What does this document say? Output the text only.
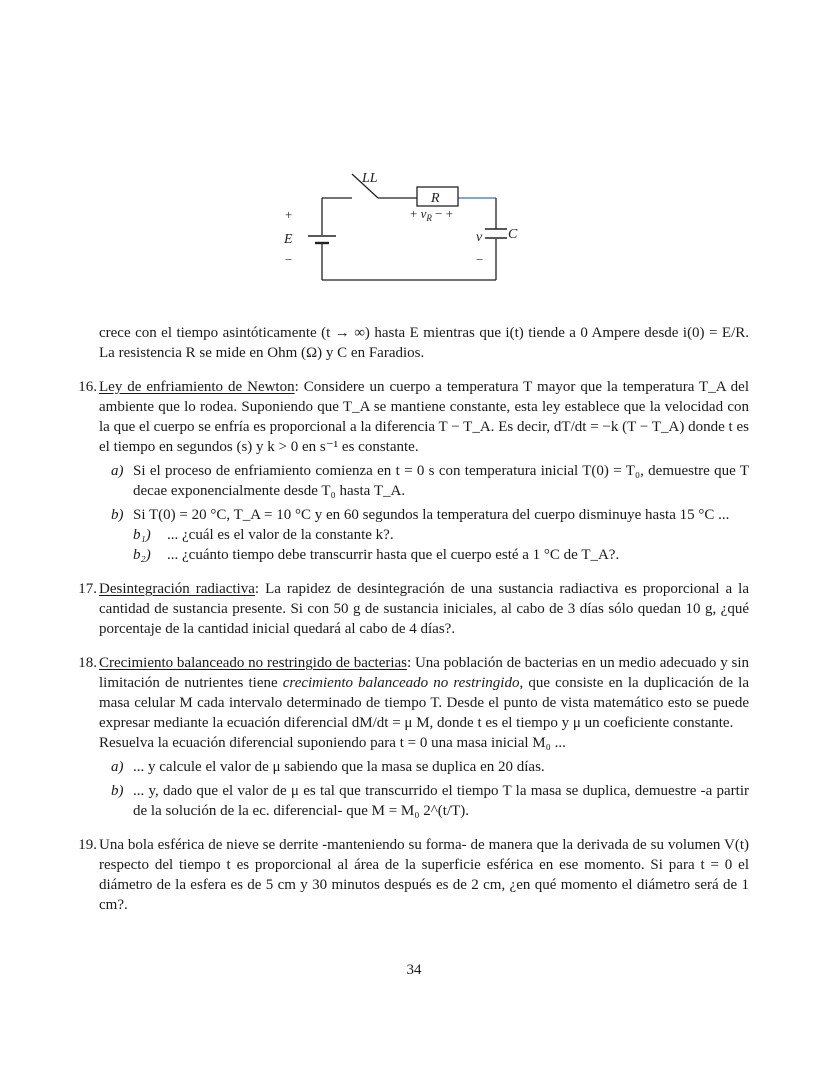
LL
R
+
E
−
+ $v_R$ − +
v C
−

crece con el tiempo asintóticamente (t → ∞) hasta E mientras que i(t) tiende a 0 Ampere desde i(0) = E/R. La resistencia R se mide en Ohm (Ω) y C en Faradios.

16. Ley de enfriamiento de Newton: Considere un cuerpo a temperatura T mayor que la temperatura T_A del ambiente que lo rodea. Suponiendo que T_A se mantiene constante, esta ley establece que la velocidad con la que el cuerpo se enfría es proporcional a la diferencia T − T_A. Es decir, dT/dt = −k (T − T_A) donde t es el tiempo en segundos (s) y k > 0 en s⁻¹ es constante.

a) Si el proceso de enfriamiento comienza en t = 0 s con temperatura inicial T(0) = T₀, demuestre que T decae exponencialmente desde T₀ hasta T_A.
b) Si T(0) = 20 °C, T_A = 10 °C y en 60 segundos la temperatura del cuerpo disminuye hasta 15 °C ...
b₁) ... ¿cuál es el valor de la constante k?.
b₂) ... ¿cuánto tiempo debe transcurrir hasta que el cuerpo esté a 1 °C de T_A?.
17. Desintegración radiactiva: La rapidez de desintegración de una sustancia radiactiva es proporcional a la cantidad de sustancia presente. Si con 50 g de sustancia iniciales, al cabo de 3 días sólo quedan 10 g, ¿qué porcentaje de la cantidad inicial quedará al cabo de 4 días?.

18. Crecimiento balanceado no restringido de bacterias: Una población de bacterias en un medio adecuado y sin limitación de nutrientes tiene crecimiento balanceado no restringido, que consiste en la duplicación de la masa celular M cada intervalo determinado de tiempo T. Desde el punto de vista matemático esto se puede expresar mediante la ecuación diferencial dM/dt = μ M, donde t es el tiempo y μ un coeficiente constante.

Resuelva la ecuación diferencial suponiendo para t = 0 una masa inicial M₀ ...

a) ... y calcule el valor de μ sabiendo que la masa se duplica en 20 días.
b) ... y, dado que el valor de μ es tal que transcurrido el tiempo T la masa se duplica, demuestre -a partir de la solución de la ec. diferencial- que M = M₀ 2^(t/T).
19. Una bola esférica de nieve se derrite -manteniendo su forma- de manera que la derivada de su volumen V(t) respecto del tiempo t es proporcional al área de la superficie esférica en ese momento. Si para t = 0 el diámetro de la esfera es de 5 cm y 30 minutos después es de 2 cm, ¿en qué momento el diámetro será de 1 cm?.

34
